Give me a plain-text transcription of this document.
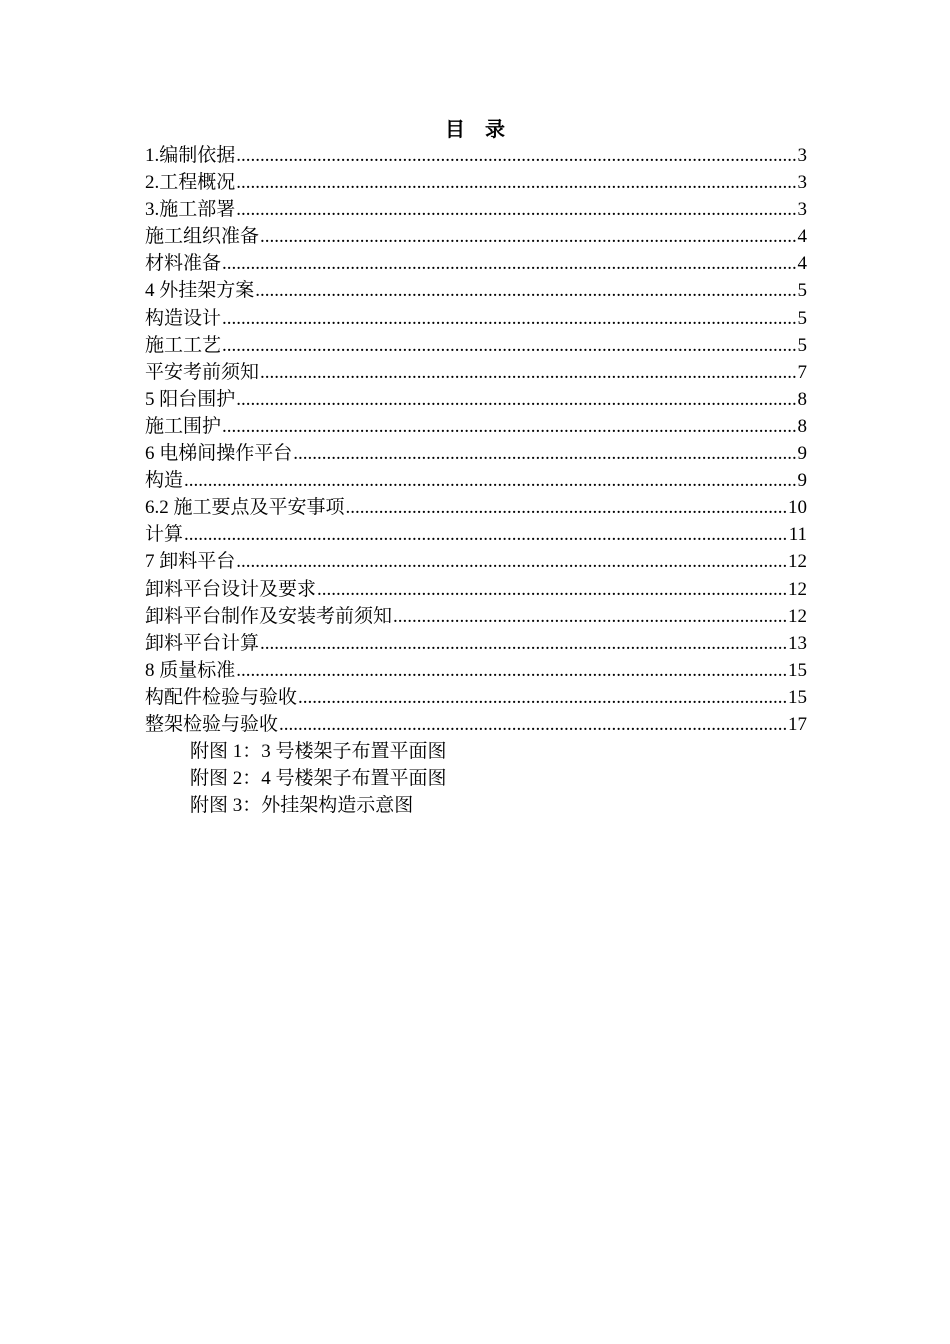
目　录
1.编制依据 .....	3
2.工程概况 .....	3
3.施工部署 .....	3
施工组织准备 .....	4
材料准备 .....	4
4 外挂架方案 .....	5
构造设计 .....	5
施工工艺 .....	5
平安考前须知 .....	7
5 阳台围护 .....	8
施工围护 .....	8
6 电梯间操作平台 .....	9
构造 .....	9
6.2 施工要点及平安事项 .....	10
计算 .....	11
7 卸料平台 .....	12
卸料平台设计及要求 .....	12
卸料平台制作及安装考前须知 .....	12
卸料平台计算 .....	13
8 质量标准 .....	15
构配件检验与验收 .....	15
整架检验与验收 .....	17
附图 1：3 号楼架子布置平面图
附图 2：4 号楼架子布置平面图
附图 3：外挂架构造示意图
